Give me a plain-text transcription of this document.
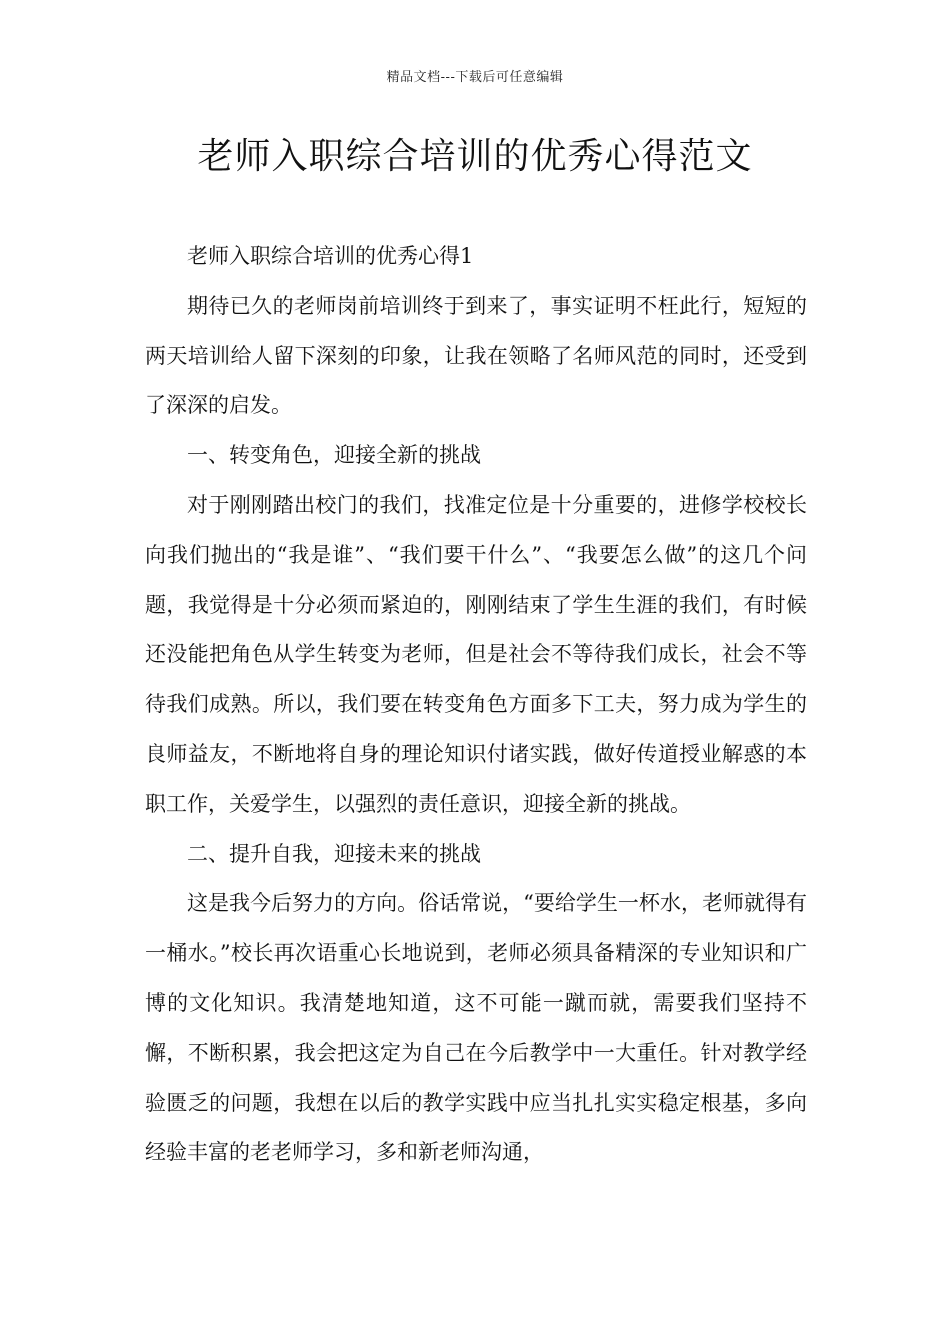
精品文档---下载后可任意编辑
老师入职综合培训的优秀心得范文

老师入职综合培训的优秀心得1

期待已久的老师岗前培训终于到来了，事实证明不枉此行，短短的两天培训给人留下深刻的印象，让我在领略了名师风范的同时，还受到了深深的启发。

一、转变角色，迎接全新的挑战

对于刚刚踏出校门的我们，找准定位是十分重要的，进修学校校长向我们抛出的“我是谁”、“我们要干什么”、“我要怎么做”的这几个问题，我觉得是十分必须而紧迫的，刚刚结束了学生生涯的我们，有时候还没能把角色从学生转变为老师，但是社会不等待我们成长，社会不等待我们成熟。所以，我们要在转变角色方面多下工夫，努力成为学生的良师益友，不断地将自身的理论知识付诸实践，做好传道授业解惑的本职工作，关爱学生，以强烈的责任意识，迎接全新的挑战。

二、提升自我，迎接未来的挑战

这是我今后努力的方向。俗话常说，“要给学生一杯水，老师就得有一桶水。”校长再次语重心长地说到，老师必须具备精深的专业知识和广博的文化知识。我清楚地知道，这不可能一蹴而就，需要我们坚持不懈，不断积累，我会把这定为自己在今后教学中一大重任。针对教学经验匮乏的问题，我想在以后的教学实践中应当扎扎实实稳定根基，多向经验丰富的老老师学习，多和新老师沟通，
